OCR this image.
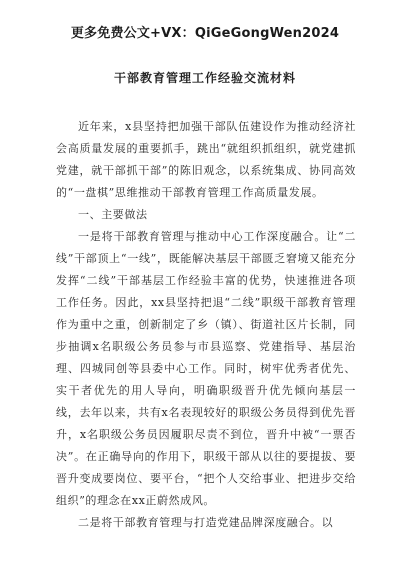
更多免费公文+VX：QiGeGongWen2024
干部教育管理工作经验交流材料

近年来，x县坚持把加强干部队伍建设作为推动经济社会高质量发展的重要抓手，跳出“就组织抓组织，就党建抓党建，就干部抓干部”的陈旧观念，以系统集成、协同高效的“一盘棋”思维推动干部教育管理工作高质量发展。

一、主要做法

一是将干部教育管理与推动中心工作深度融合。让“二线”干部顶上“一线”，既能解决基层干部匮乏窘境又能充分发挥“二线”干部基层工作经验丰富的优势，快速推进各项工作任务。因此，xx县坚持把退“二线”职级干部教育管理作为重中之重，创新制定了乡（镇）、街道社区片长制，同步抽调x名职级公务员参与市县巡察、党建指导、基层治理、四城同创等县委中心工作。同时，树牢优秀者优先、实干者优先的用人导向，明确职级晋升优先倾向基层一线，去年以来，共有x名表现较好的职级公务员得到优先晋升，x名职级公务员因履职尽责不到位，晋升中被“一票否决”。在正确导向的作用下，职级干部从以往的要提拔、要晋升变成要岗位、要平台，“把个人交给事业、把进步交给组织”的理念在xx正蔚然成风。

二是将干部教育管理与打造党建品牌深度融合。以
